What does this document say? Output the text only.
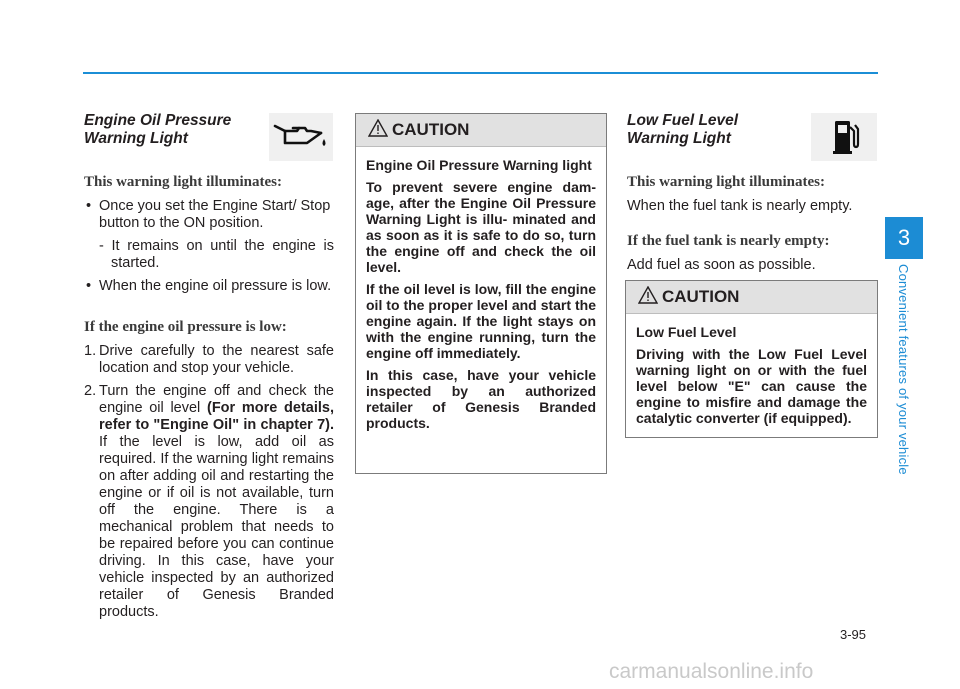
Engine Oil Pressure
Warning Light

This warning light illuminates:

• Once you set the Engine Start/ Stop button to the ON position.

- It remains on until the engine is started.

• When the engine oil pressure is low.

If the engine oil pressure is low:

1. Drive carefully to the nearest safe location and stop your vehicle.

2. Turn the engine off and check the engine oil level (For more details, refer to "Engine Oil" in chapter 7). If the level is low, add oil as required. If the warning light remains on after adding oil and restarting the engine or if oil is not available, turn off the engine. There is a mechanical problem that needs to be repaired before you can continue driving. In this case, have your vehicle inspected by an authorized retailer of Genesis Branded products.

CAUTION

Engine Oil Pressure Warning light

To prevent severe engine dam- age, after the Engine Oil Pressure Warning Light is illu- minated and as soon as it is safe to do so, turn the engine off and check the oil level.

If the oil level is low, fill the engine oil to the proper level and start the engine again. If the light stays on with the engine running, turn the engine off immediately.

In this case, have your vehicle inspected by an authorized retailer of Genesis Branded products.

Low Fuel Level
Warning Light

This warning light illuminates:

When the fuel tank is nearly empty.

If the fuel tank is nearly empty:

Add fuel as soon as possible.

CAUTION

Low Fuel Level

Driving with the Low Fuel Level warning light on or with the fuel level below "E" can cause the engine to misfire and damage the catalytic converter (if equipped).

3
Convenient features of your vehicle
3-95
carmanualsonline.info
